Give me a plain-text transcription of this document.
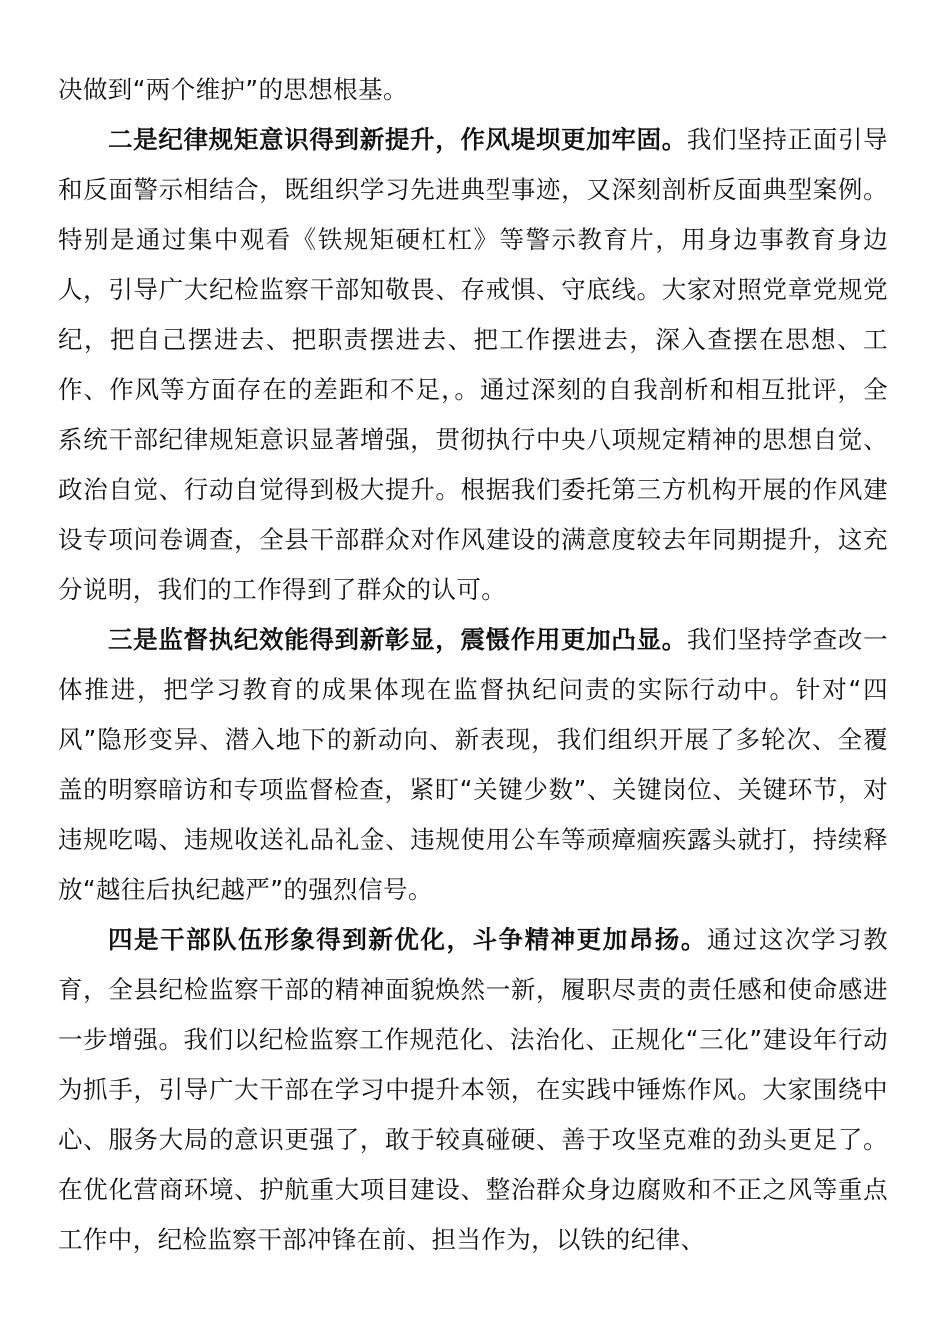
决做到“两个维护”的思想根基。

二是纪律规矩意识得到新提升，作风堤坝更加牢固。我们坚持正面引导和反面警示相结合，既组织学习先进典型事迹，又深刻剖析反面典型案例。特别是通过集中观看《铁规矩硬杠杠》等警示教育片，用身边事教育身边人，引导广大纪检监察干部知敬畏、存戒惧、守底线。大家对照党章党规党纪，把自己摆进去、把职责摆进去、把工作摆进去，深入查摆在思想、工作、作风等方面存在的差距和不足，。通过深刻的自我剖析和相互批评，全系统干部纪律规矩意识显著增强，贯彻执行中央八项规定精神的思想自觉、政治自觉、行动自觉得到极大提升。根据我们委托第三方机构开展的作风建设专项问卷调查，全县干部群众对作风建设的满意度较去年同期提升，这充分说明，我们的工作得到了群众的认可。

三是监督执纪效能得到新彰显，震慑作用更加凸显。我们坚持学查改一体推进，把学习教育的成果体现在监督执纪问责的实际行动中。针对“四风”隐形变异、潜入地下的新动向、新表现，我们组织开展了多轮次、全覆盖的明察暗访和专项监督检查，紧盯“关键少数”、关键岗位、关键环节，对违规吃喝、违规收送礼品礼金、违规使用公车等顽瘴痼疾露头就打，持续释放“越往后执纪越严”的强烈信号。

四是干部队伍形象得到新优化，斗争精神更加昂扬。通过这次学习教育，全县纪检监察干部的精神面貌焕然一新，履职尽责的责任感和使命感进一步增强。我们以纪检监察工作规范化、法治化、正规化“三化”建设年行动为抓手，引导广大干部在学习中提升本领，在实践中锤炼作风。大家围绕中心、服务大局的意识更强了，敢于较真碰硬、善于攻坚克难的劲头更足了。在优化营商环境、护航重大项目建设、整治群众身边腐败和不正之风等重点工作中，纪检监察干部冲锋在前、担当作为，以铁的纪律、
